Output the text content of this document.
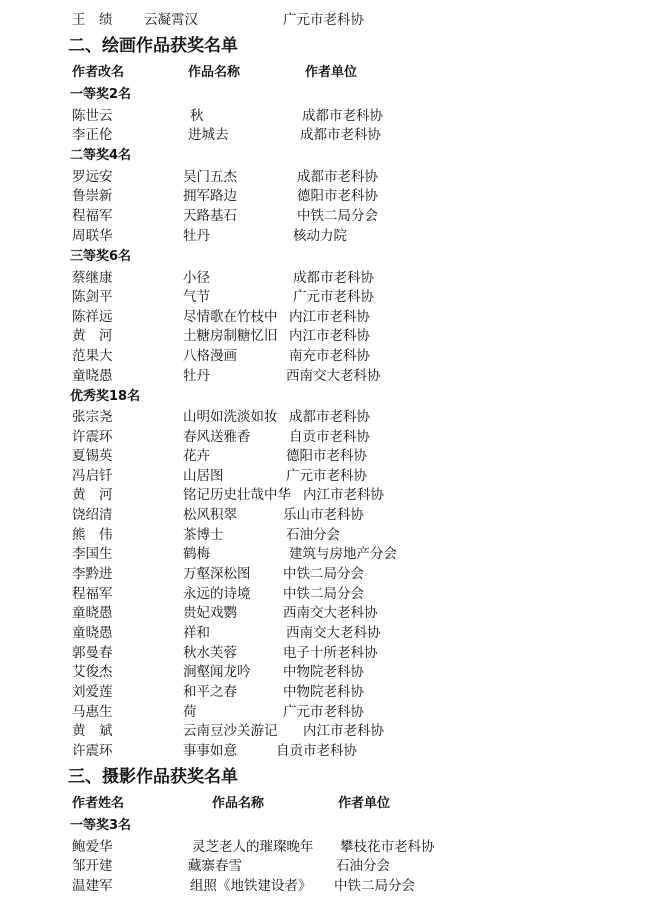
王　绩 云凝霄汉	广元市老科协
二、绘画作品获奖名单
作者改名	作品名称	作者单位
一等奖2名
陈世云	秋	成都市老科协
李正伦	进城去	成都市老科协
二等奖4名
罗远安	吴门五杰	成都市老科协
鲁崇新	拥军路边	德阳市老科协
程福军	天路基石	中铁二局分会
周联华	牡丹	核动力院
三等奖6名
蔡继康	小径	成都市老科协
陈剑平	气节	广元市老科协
陈祥远	尽情歌在竹枝中 内江市老科协
黄　河	土糖房制糖忆旧 内江市老科协
范果大	八格漫画	南充市老科协
童晓愚	牡丹	西南交大老科协
优秀奖18名
张宗尧	山明如洗淡如妆 成都市老科协
许震环	春风送雅香	自贡市老科协
夏锡英	花卉	德阳市老科协
冯启钎	山居图	广元市老科协
黄　河	铭记历史壮哉中华 内江市老科协
饶绍清	松风积翠	乐山市老科协
熊　伟	茶博士	石油分会
李国生	鹤梅	建筑与房地产分会
李黔进	万壑深松图 中铁二局分会
程福军	永远的诗境 中铁二局分会
童晓愚	贵妃戏鹦	西南交大老科协
童晓愚	祥和	西南交大老科协
郭曼春	秋水芙蓉	电子十所老科协
艾俊杰	涧壑闻龙吟 中物院老科协
刘爱莲	和平之春	中物院老科协
马惠生	荷	广元市老科协
黄　斌	云南豆沙关游记 内江市老科协
许震环	事事如意	自贡市老科协
三、摄影作品获奖名单
作者姓名	作品名称	作者单位
一等奖3名
鲍爱华	灵芝老人的璀璨晚年 攀枝花市老科协
邹开建	藏寨春雪	石油分会
温建军	组照《地铁建设者》 中铁二局分会
